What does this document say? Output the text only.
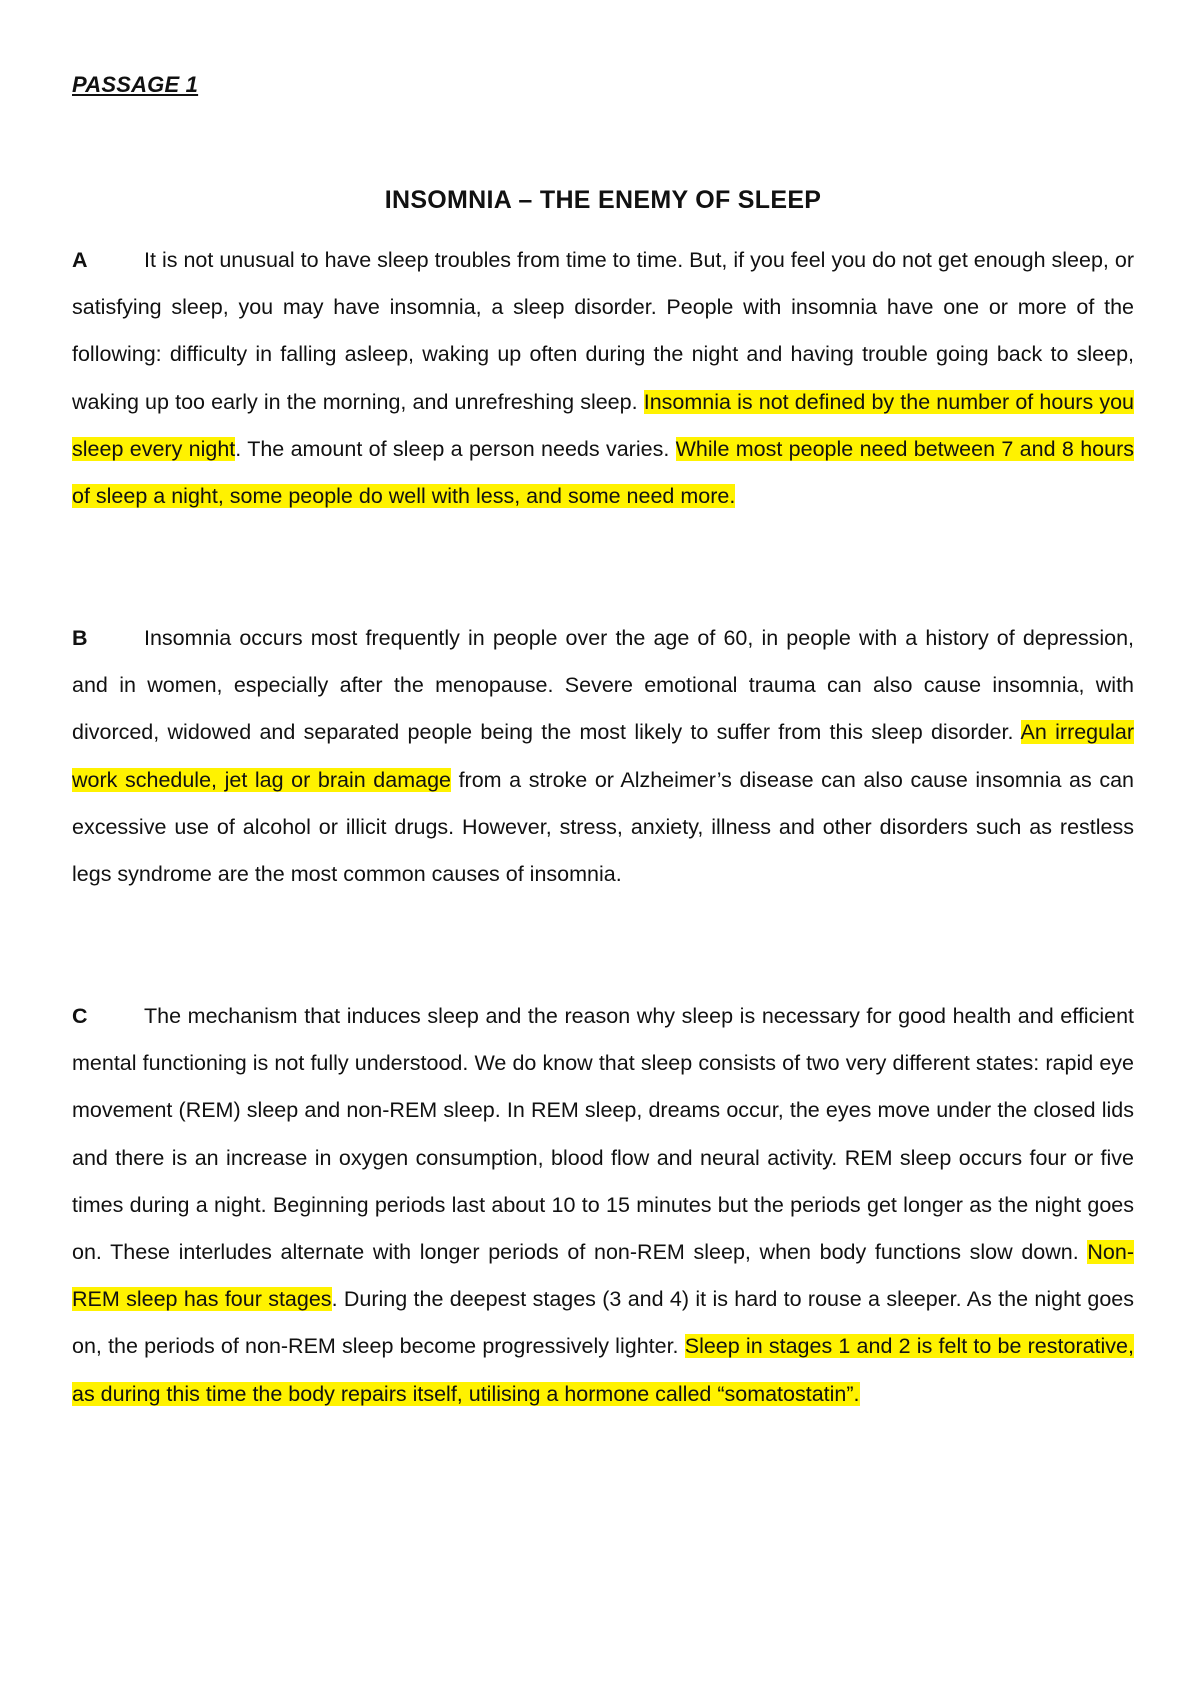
PASSAGE 1
INSOMNIA – THE ENEMY OF SLEEP

A	It is not unusual to have sleep troubles from time to time. But, if you feel you do not get enough sleep, or satisfying sleep, you may have insomnia, a sleep disorder. People with insomnia have one or more of the following: difficulty in falling asleep, waking up often during the night and having trouble going back to sleep, waking up too early in the morning, and unrefreshing sleep. Insomnia is not defined by the number of hours you sleep every night. The amount of sleep a person needs varies. While most people need between 7 and 8 hours of sleep a night, some people do well with less, and some need more.

B	Insomnia occurs most frequently in people over the age of 60, in people with a history of depression, and in women, especially after the menopause. Severe emotional trauma can also cause insomnia, with divorced, widowed and separated people being the most likely to suffer from this sleep disorder. An irregular work schedule, jet lag or brain damage from a stroke or Alzheimer’s disease can also cause insomnia as can excessive use of alcohol or illicit drugs. However, stress, anxiety, illness and other disorders such as restless legs syndrome are the most common causes of insomnia.

C	The mechanism that induces sleep and the reason why sleep is necessary for good health and efficient mental functioning is not fully understood. We do know that sleep consists of two very different states: rapid eye movement (REM) sleep and non-REM sleep. In REM sleep, dreams occur, the eyes move under the closed lids and there is an increase in oxygen consumption, blood flow and neural activity. REM sleep occurs four or five times during a night. Beginning periods last about 10 to 15 minutes but the periods get longer as the night goes on. These interludes alternate with longer periods of non-REM sleep, when body functions slow down. Non-REM sleep has four stages. During the deepest stages (3 and 4) it is hard to rouse a sleeper. As the night goes on, the periods of non-REM sleep become progressively lighter. Sleep in stages 1 and 2 is felt to be restorative, as during this time the body repairs itself, utilising a hormone called “somatostatin”.
